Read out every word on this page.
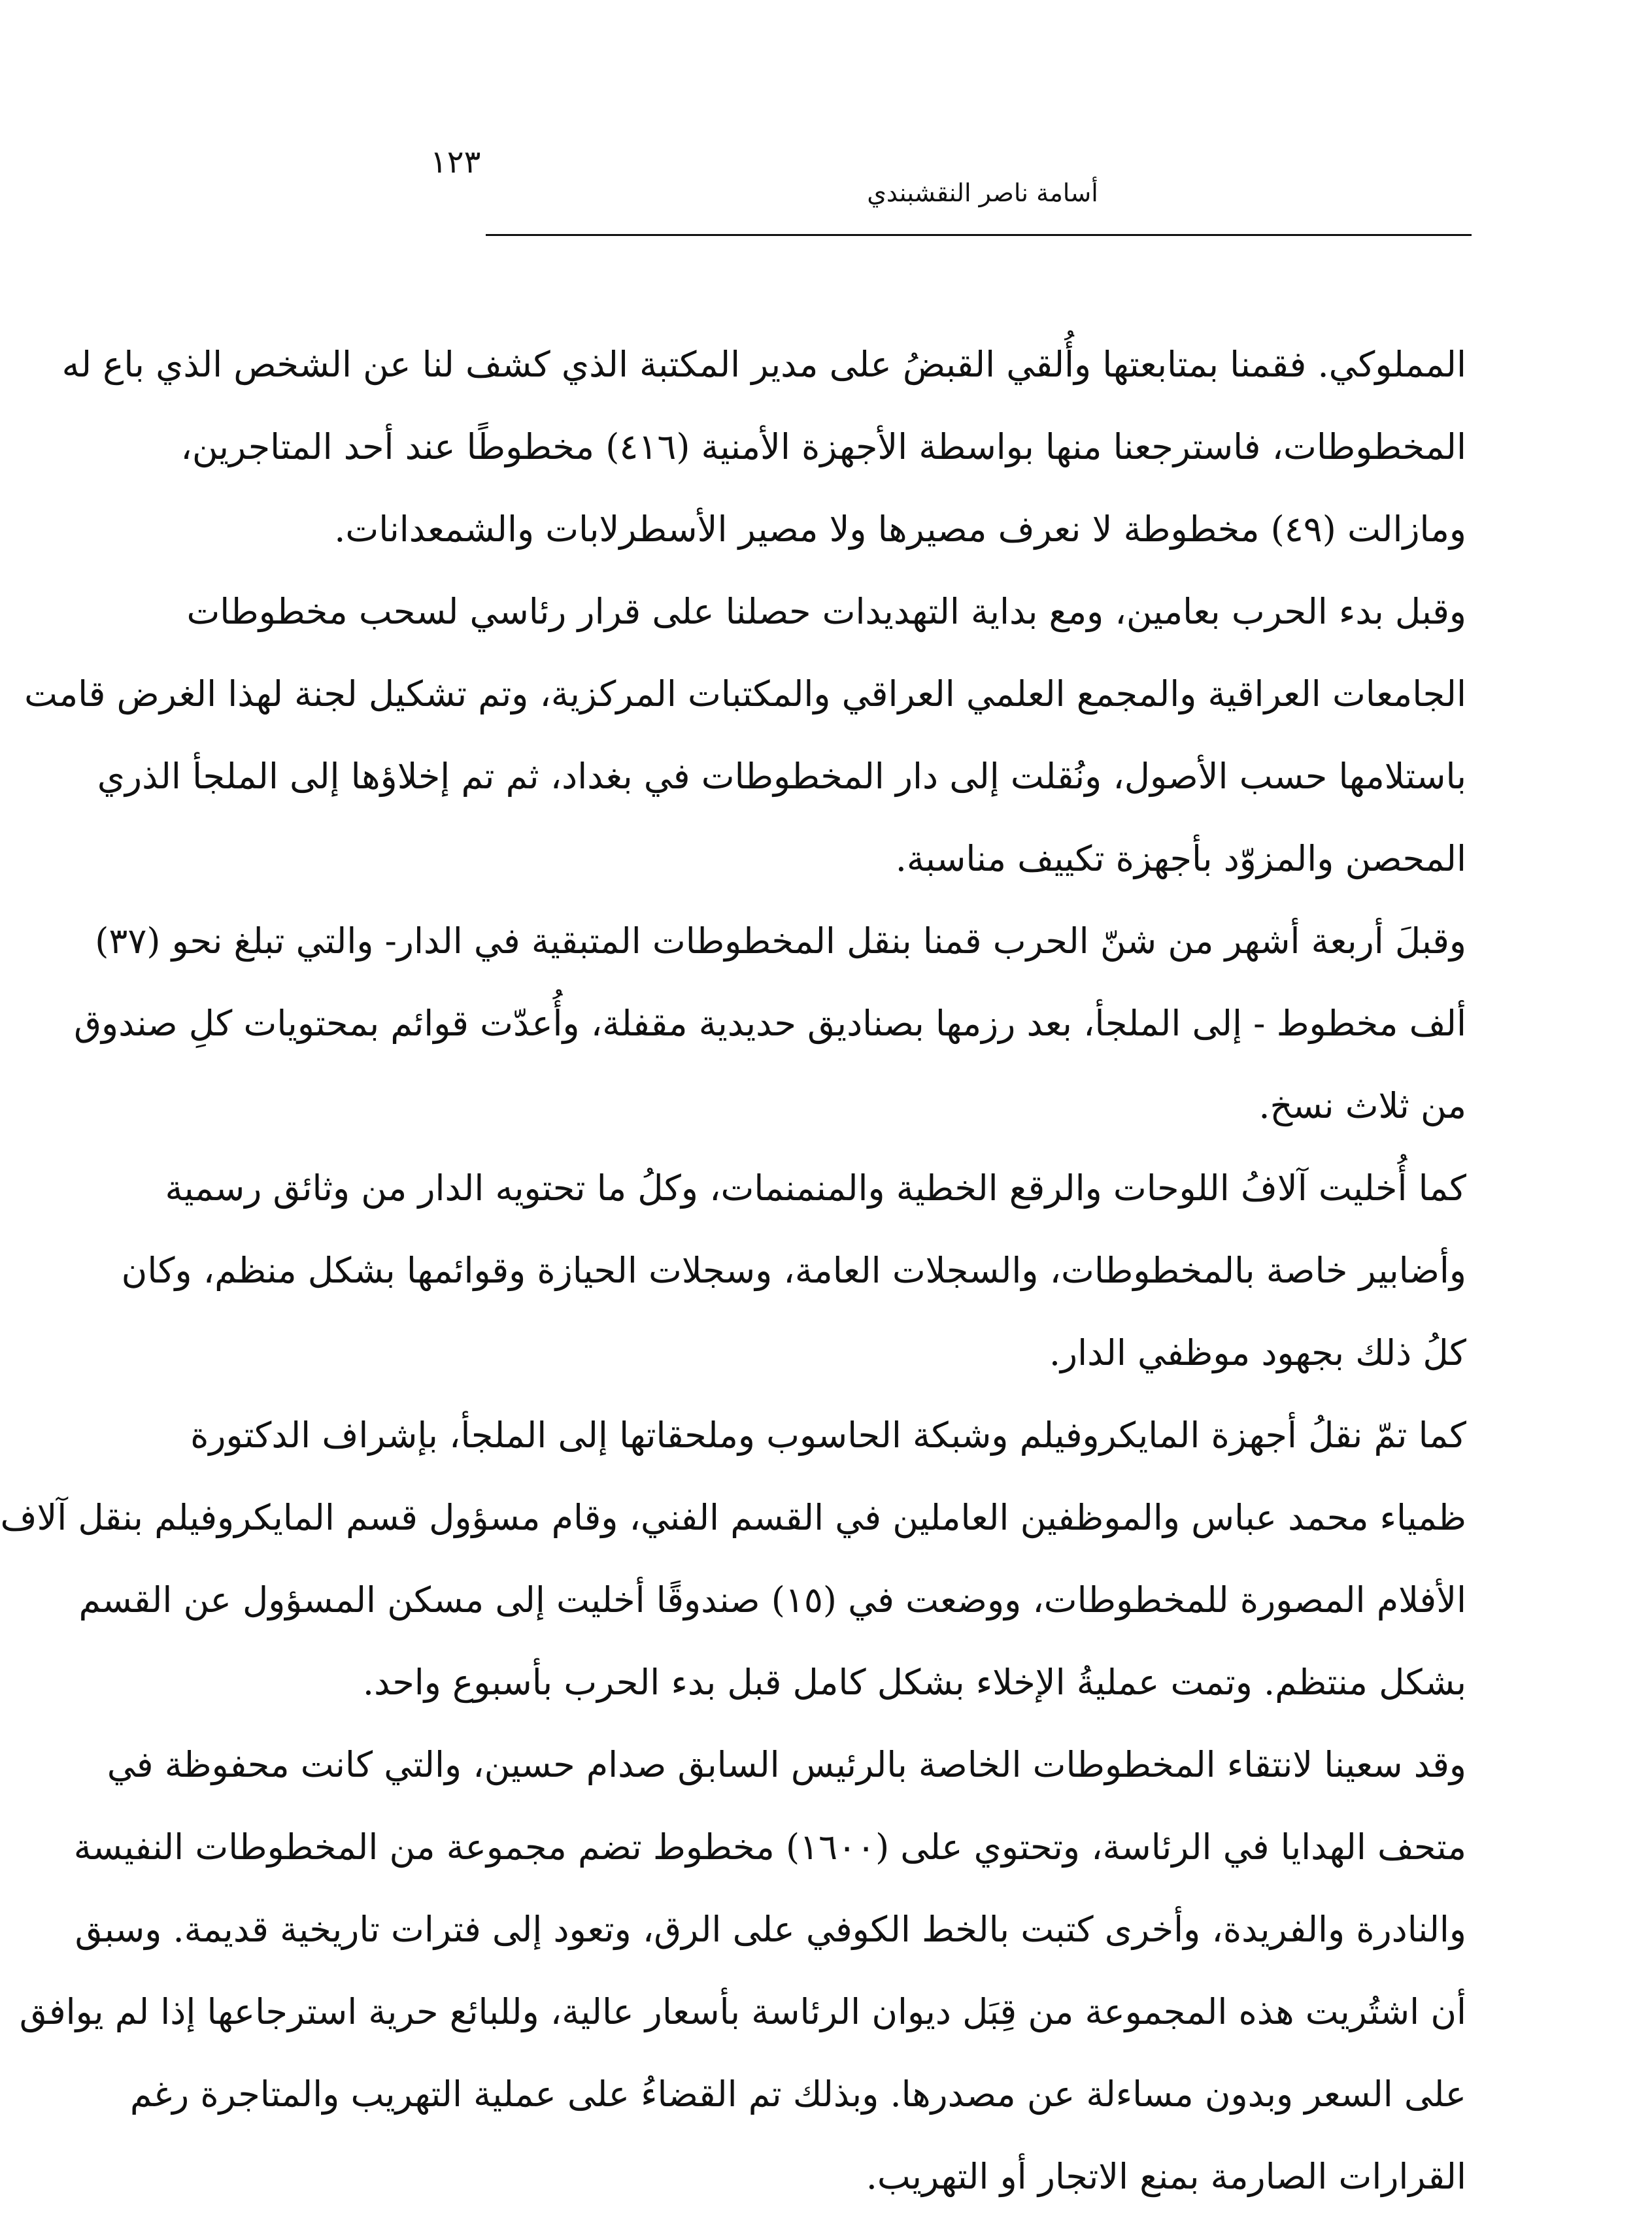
١٢٣
أسامة ناصر النقشبندي
المملوكي. فقمنا بمتابعتها وأُلقي القبضُ على مدير المكتبة الذي كشف لنا عن الشخص الذي باع له
المخطوطات، فاسترجعنا منها بواسطة الأجهزة الأمنية (٤١٦) مخطوطًا عند أحد المتاجرين،
ومازالت (٤٩) مخطوطة لا نعرف مصيرها ولا مصير الأسطرلابات والشمعدانات.
وقبل بدء الحرب بعامين، ومع بداية التهديدات حصلنا على قرار رئاسي لسحب مخطوطات
الجامعات العراقية والمجمع العلمي العراقي والمكتبات المركزية، وتم تشكيل لجنة لهذا الغرض قامت
باستلامها حسب الأصول، ونُقلت إلى دار المخطوطات في بغداد، ثم تم إخلاؤها إلى الملجأ الذري
المحصن والمزوّد بأجهزة تكييف مناسبة.
وقبلَ أربعة أشهر من شنّ الحرب قمنا بنقل المخطوطات المتبقية في الدار- والتي تبلغ نحو (٣٧)
ألف مخطوط - إلى الملجأ، بعد رزمها بصناديق حديدية مقفلة، وأُعدّت قوائم بمحتويات كلِ صندوق
من ثلاث نسخ.
كما أُخليت آلافُ اللوحات والرقع الخطية والمنمنمات، وكلُ ما تحتويه الدار من وثائق رسمية
وأضابير خاصة بالمخطوطات، والسجلات العامة، وسجلات الحيازة وقوائمها بشكل منظم، وكان
كلُ ذلك بجهود موظفي الدار.
كما تمّ نقلُ أجهزة المايكروفيلم وشبكة الحاسوب وملحقاتها إلى الملجأ، بإشراف الدكتورة
ظمياء محمد عباس والموظفين العاملين في القسم الفني، وقام مسؤول قسم المايكروفيلم بنقل آلاف
الأفلام المصورة للمخطوطات، ووضعت في (١٥) صندوقًا أخليت إلى مسكن المسؤول عن القسم
بشكل منتظم. وتمت عمليةُ الإخلاء بشكل كامل قبل بدء الحرب بأسبوع واحد.
وقد سعينا لانتقاء المخطوطات الخاصة بالرئيس السابق صدام حسين، والتي كانت محفوظة في
متحف الهدايا في الرئاسة، وتحتوي على (١٦٠٠) مخطوط تضم مجموعة من المخطوطات النفيسة
والنادرة والفريدة، وأخرى كتبت بالخط الكوفي على الرق، وتعود إلى فترات تاريخية قديمة. وسبق
أن اشتُريت هذه المجموعة من قِبَل ديوان الرئاسة بأسعار عالية، وللبائع حرية استرجاعها إذا لم يوافق
على السعر وبدون مساءلة عن مصدرها. وبذلك تم القضاءُ على عملية التهريب والمتاجرة رغم
القرارات الصارمة بمنع الاتجار أو التهريب.
